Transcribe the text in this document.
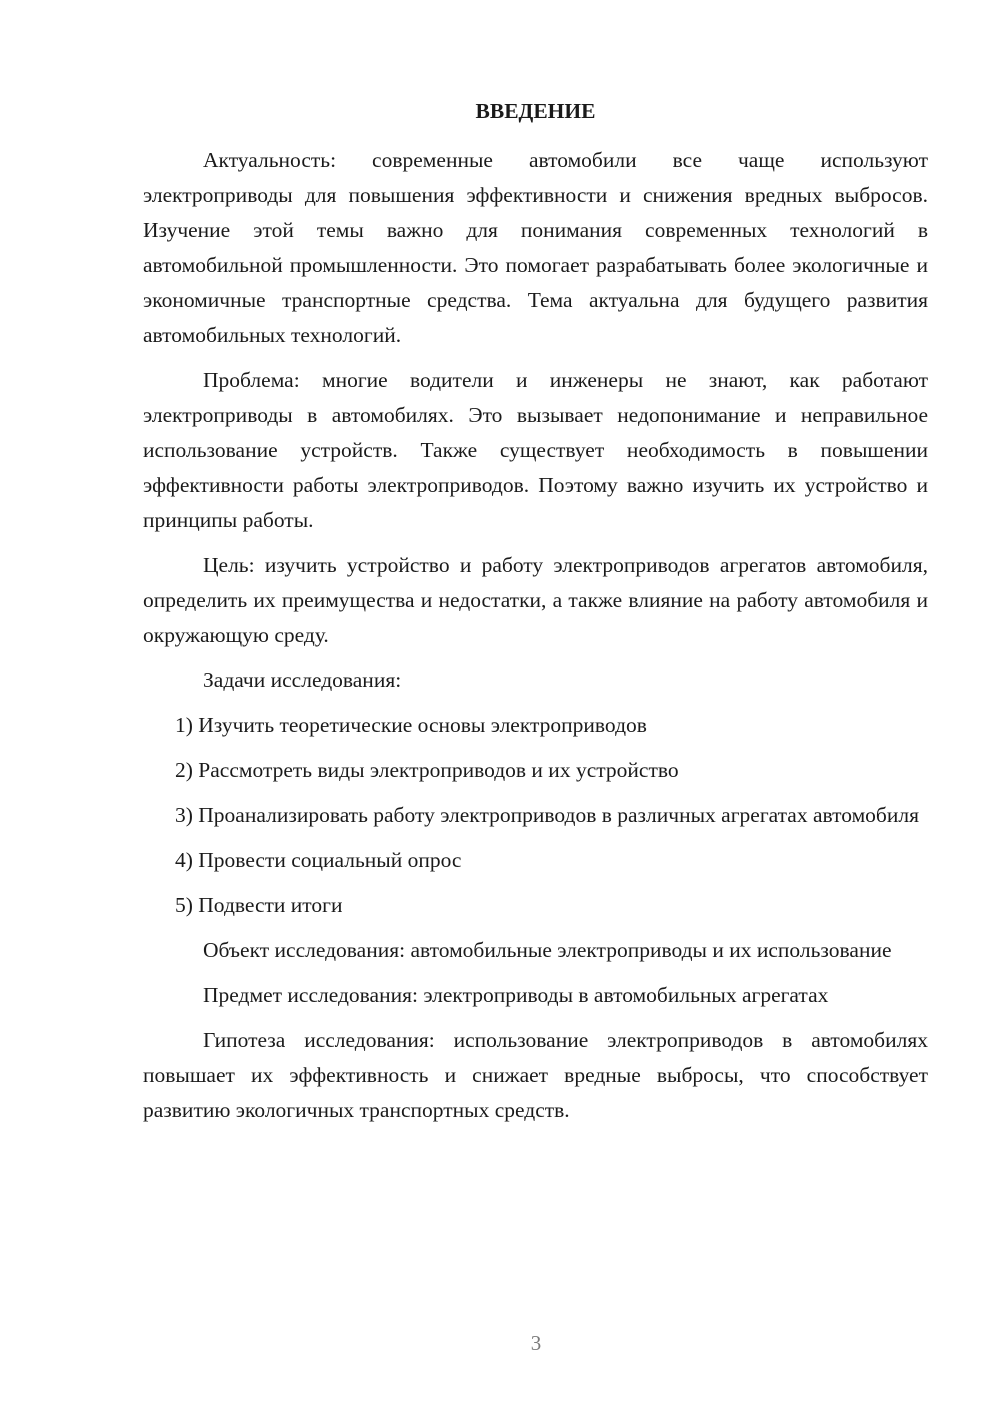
ВВЕДЕНИЕ

Актуальность: современные автомобили все чаще используют электроприводы для повышения эффективности и снижения вредных выбросов. Изучение этой темы важно для понимания современных технологий в автомобильной промышленности. Это помогает разрабатывать более экологичные и экономичные транспортные средства. Тема актуальна для будущего развития автомобильных технологий.

Проблема: многие водители и инженеры не знают, как работают электроприводы в автомобилях. Это вызывает недопонимание и неправильное использование устройств. Также существует необходимость в повышении эффективности работы электроприводов. Поэтому важно изучить их устройство и принципы работы.

Цель: изучить устройство и работу электроприводов агрегатов автомобиля, определить их преимущества и недостатки, а также влияние на работу автомобиля и окружающую среду.

Задачи исследования:

1) Изучить теоретические основы электроприводов

2) Рассмотреть виды электроприводов и их устройство

3) Проанализировать работу электроприводов в различных агрегатах автомобиля

4) Провести социальный опрос

5) Подвести итоги

Объект исследования: автомобильные электроприводы и их использование

Предмет исследования: электроприводы в автомобильных агрегатах

Гипотеза исследования: использование электроприводов в автомобилях повышает их эффективность и снижает вредные выбросы, что способствует развитию экологичных транспортных средств.

3
